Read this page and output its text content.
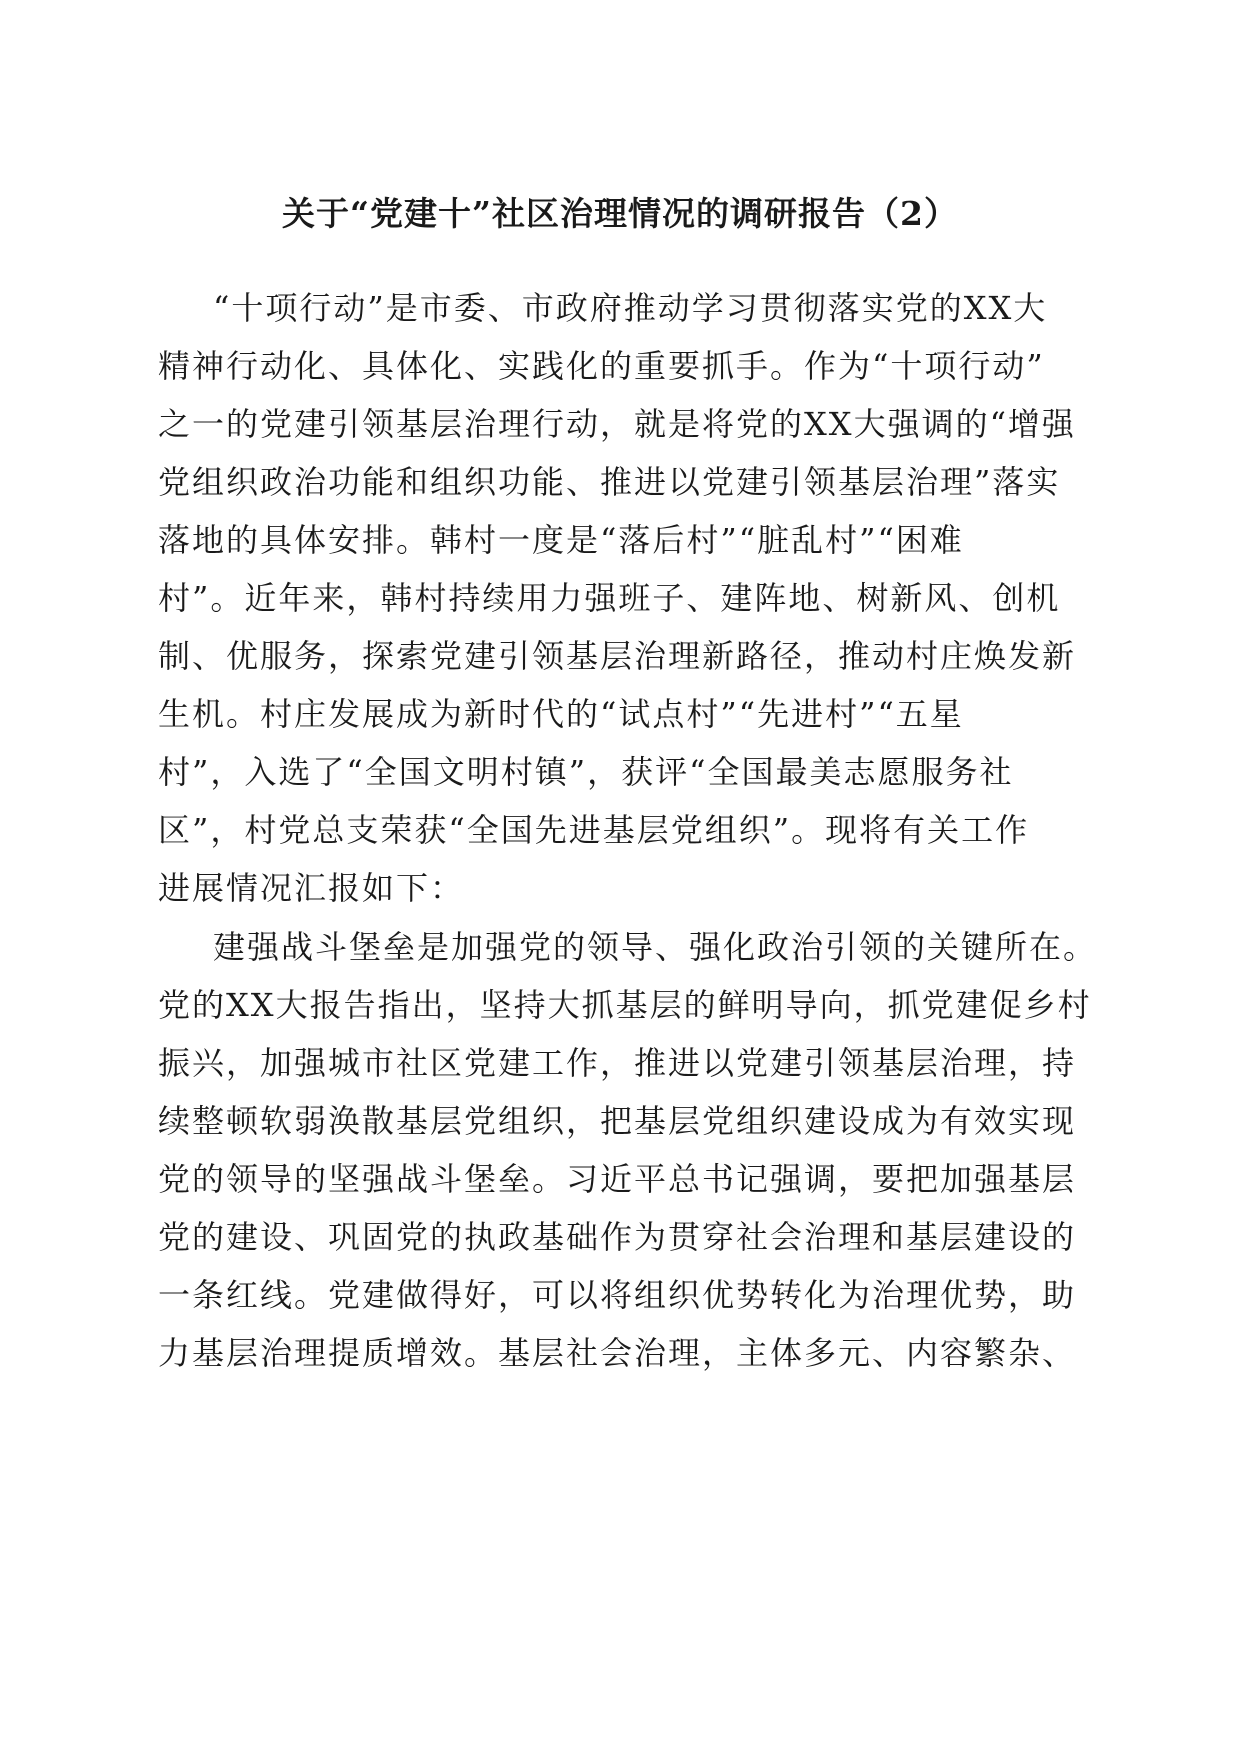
关于“党建十”社区治理情况的调研报告（2）

“十项行动”是市委、市政府推动学习贯彻落实党的XX大

精神行动化、具体化、实践化的重要抓手。作为“十项行动”

之一的党建引领基层治理行动，就是将党的XX大强调的“增强

党组织政治功能和组织功能、推进以党建引领基层治理”落实

落地的具体安排。韩村一度是“落后村”“脏乱村”“困难

村”。近年来，韩村持续用力强班子、建阵地、树新风、创机

制、优服务，探索党建引领基层治理新路径，推动村庄焕发新

生机。村庄发展成为新时代的“试点村”“先进村”“五星

村”，入选了“全国文明村镇”，获评“全国最美志愿服务社

区”，村党总支荣获“全国先进基层党组织”。现将有关工作

进展情况汇报如下：

建强战斗堡垒是加强党的领导、强化政治引领的关键所在。

党的XX大报告指出，坚持大抓基层的鲜明导向，抓党建促乡村

振兴，加强城市社区党建工作，推进以党建引领基层治理，持

续整顿软弱涣散基层党组织，把基层党组织建设成为有效实现

党的领导的坚强战斗堡垒。习近平总书记强调，要把加强基层

党的建设、巩固党的执政基础作为贯穿社会治理和基层建设的

一条红线。党建做得好，可以将组织优势转化为治理优势，助

力基层治理提质增效。基层社会治理，主体多元、内容繁杂、
